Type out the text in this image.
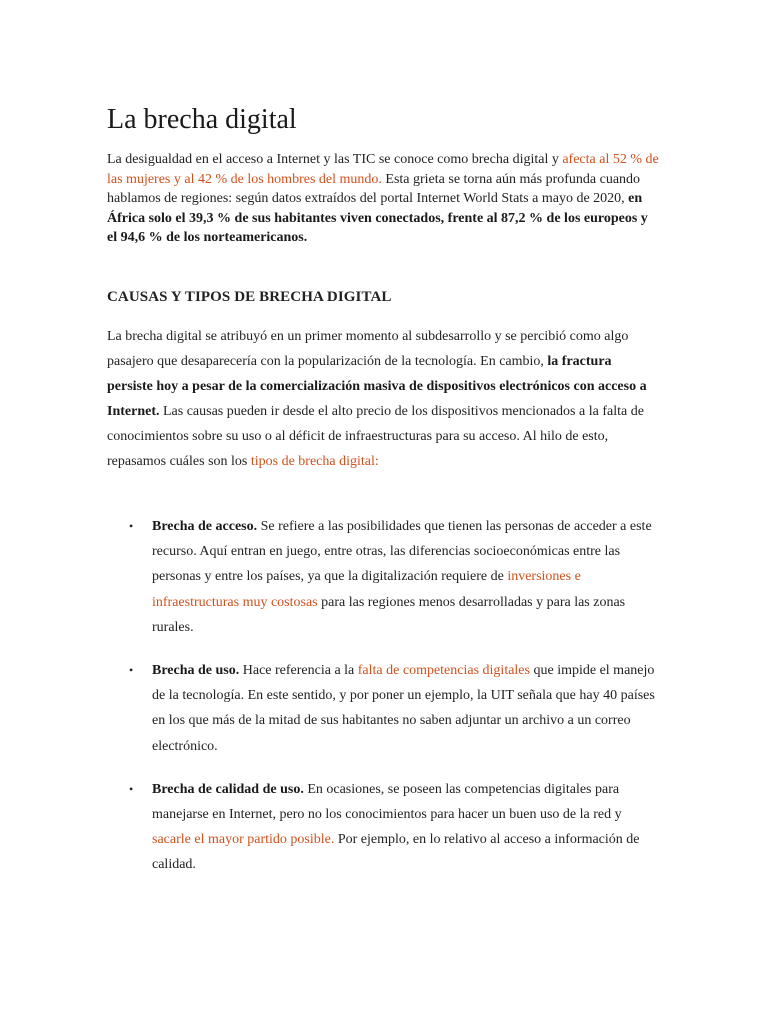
La brecha digital

La desigualdad en el acceso a Internet y las TIC se conoce como brecha digital y afecta al 52 % de las mujeres y al 42 % de los hombres del mundo. Esta grieta se torna aún más profunda cuando hablamos de regiones: según datos extraídos del portal Internet World Stats a mayo de 2020, en África solo el 39,3 % de sus habitantes viven conectados, frente al 87,2 % de los europeos y el 94,6 % de los norteamericanos.

CAUSAS Y TIPOS DE BRECHA DIGITAL

La brecha digital se atribuyó en un primer momento al subdesarrollo y se percibió como algo pasajero que desaparecería con la popularización de la tecnología. En cambio, la fractura persiste hoy a pesar de la comercialización masiva de dispositivos electrónicos con acceso a Internet. Las causas pueden ir desde el alto precio de los dispositivos mencionados a la falta de conocimientos sobre su uso o al déficit de infraestructuras para su acceso. Al hilo de esto, repasamos cuáles son los tipos de brecha digital:

•	Brecha de acceso. Se refiere a las posibilidades que tienen las personas de acceder a este recurso. Aquí entran en juego, entre otras, las diferencias socioeconómicas entre las personas y entre los países, ya que la digitalización requiere de inversiones e infraestructuras muy costosas para las regiones menos desarrolladas y para las zonas rurales.
•	Brecha de uso. Hace referencia a la falta de competencias digitales que impide el manejo de la tecnología. En este sentido, y por poner un ejemplo, la UIT señala que hay 40 países en los que más de la mitad de sus habitantes no saben adjuntar un archivo a un correo electrónico.
•	Brecha de calidad de uso. En ocasiones, se poseen las competencias digitales para manejarse en Internet, pero no los conocimientos para hacer un buen uso de la red y sacarle el mayor partido posible. Por ejemplo, en lo relativo al acceso a información de calidad.
